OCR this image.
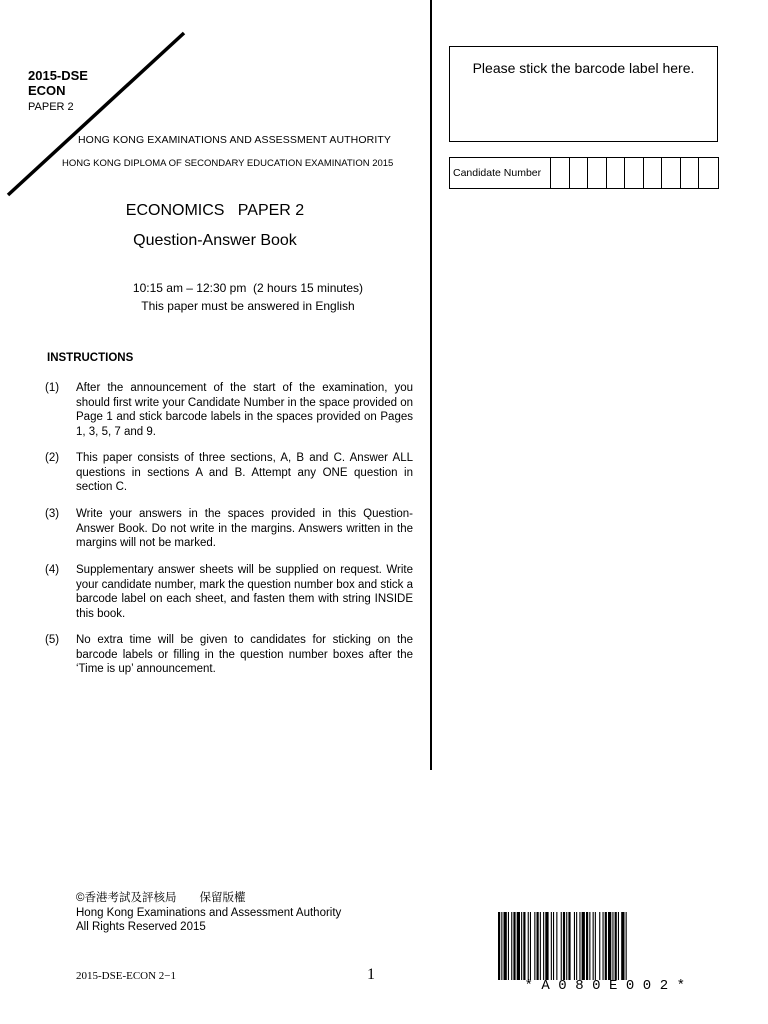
2015-DSE
ECON
PAPER 2
HONG KONG EXAMINATIONS AND ASSESSMENT AUTHORITY
HONG KONG DIPLOMA OF SECONDARY EDUCATION EXAMINATION 2015
ECONOMICS   PAPER 2
Question-Answer Book
10:15 am – 12:30 pm  (2 hours 15 minutes)
This paper must be answered in English
INSTRUCTIONS
(1) After the announcement of the start of the examination, you should first write your Candidate Number in the space provided on Page 1 and stick barcode labels in the spaces provided on Pages 1, 3, 5, 7 and 9.
(2) This paper consists of three sections, A, B and C. Answer ALL questions in sections A and B. Attempt any ONE question in section C.
(3) Write your answers in the spaces provided in this Question-Answer Book. Do not write in the margins. Answers written in the margins will not be marked.
(4) Supplementary answer sheets will be supplied on request. Write your candidate number, mark the question number box and stick a barcode label on each sheet, and fasten them with string INSIDE this book.
(5) No extra time will be given to candidates for sticking on the barcode labels or filling in the question number boxes after the ‘Time is up’ announcement.
Please stick the barcode label here.
Candidate Number
©香港考試及評核局　　保留版權
Hong Kong Examinations and Assessment Authority
All Rights Reserved 2015
2015-DSE-ECON 2−1	1
*A080E002*
